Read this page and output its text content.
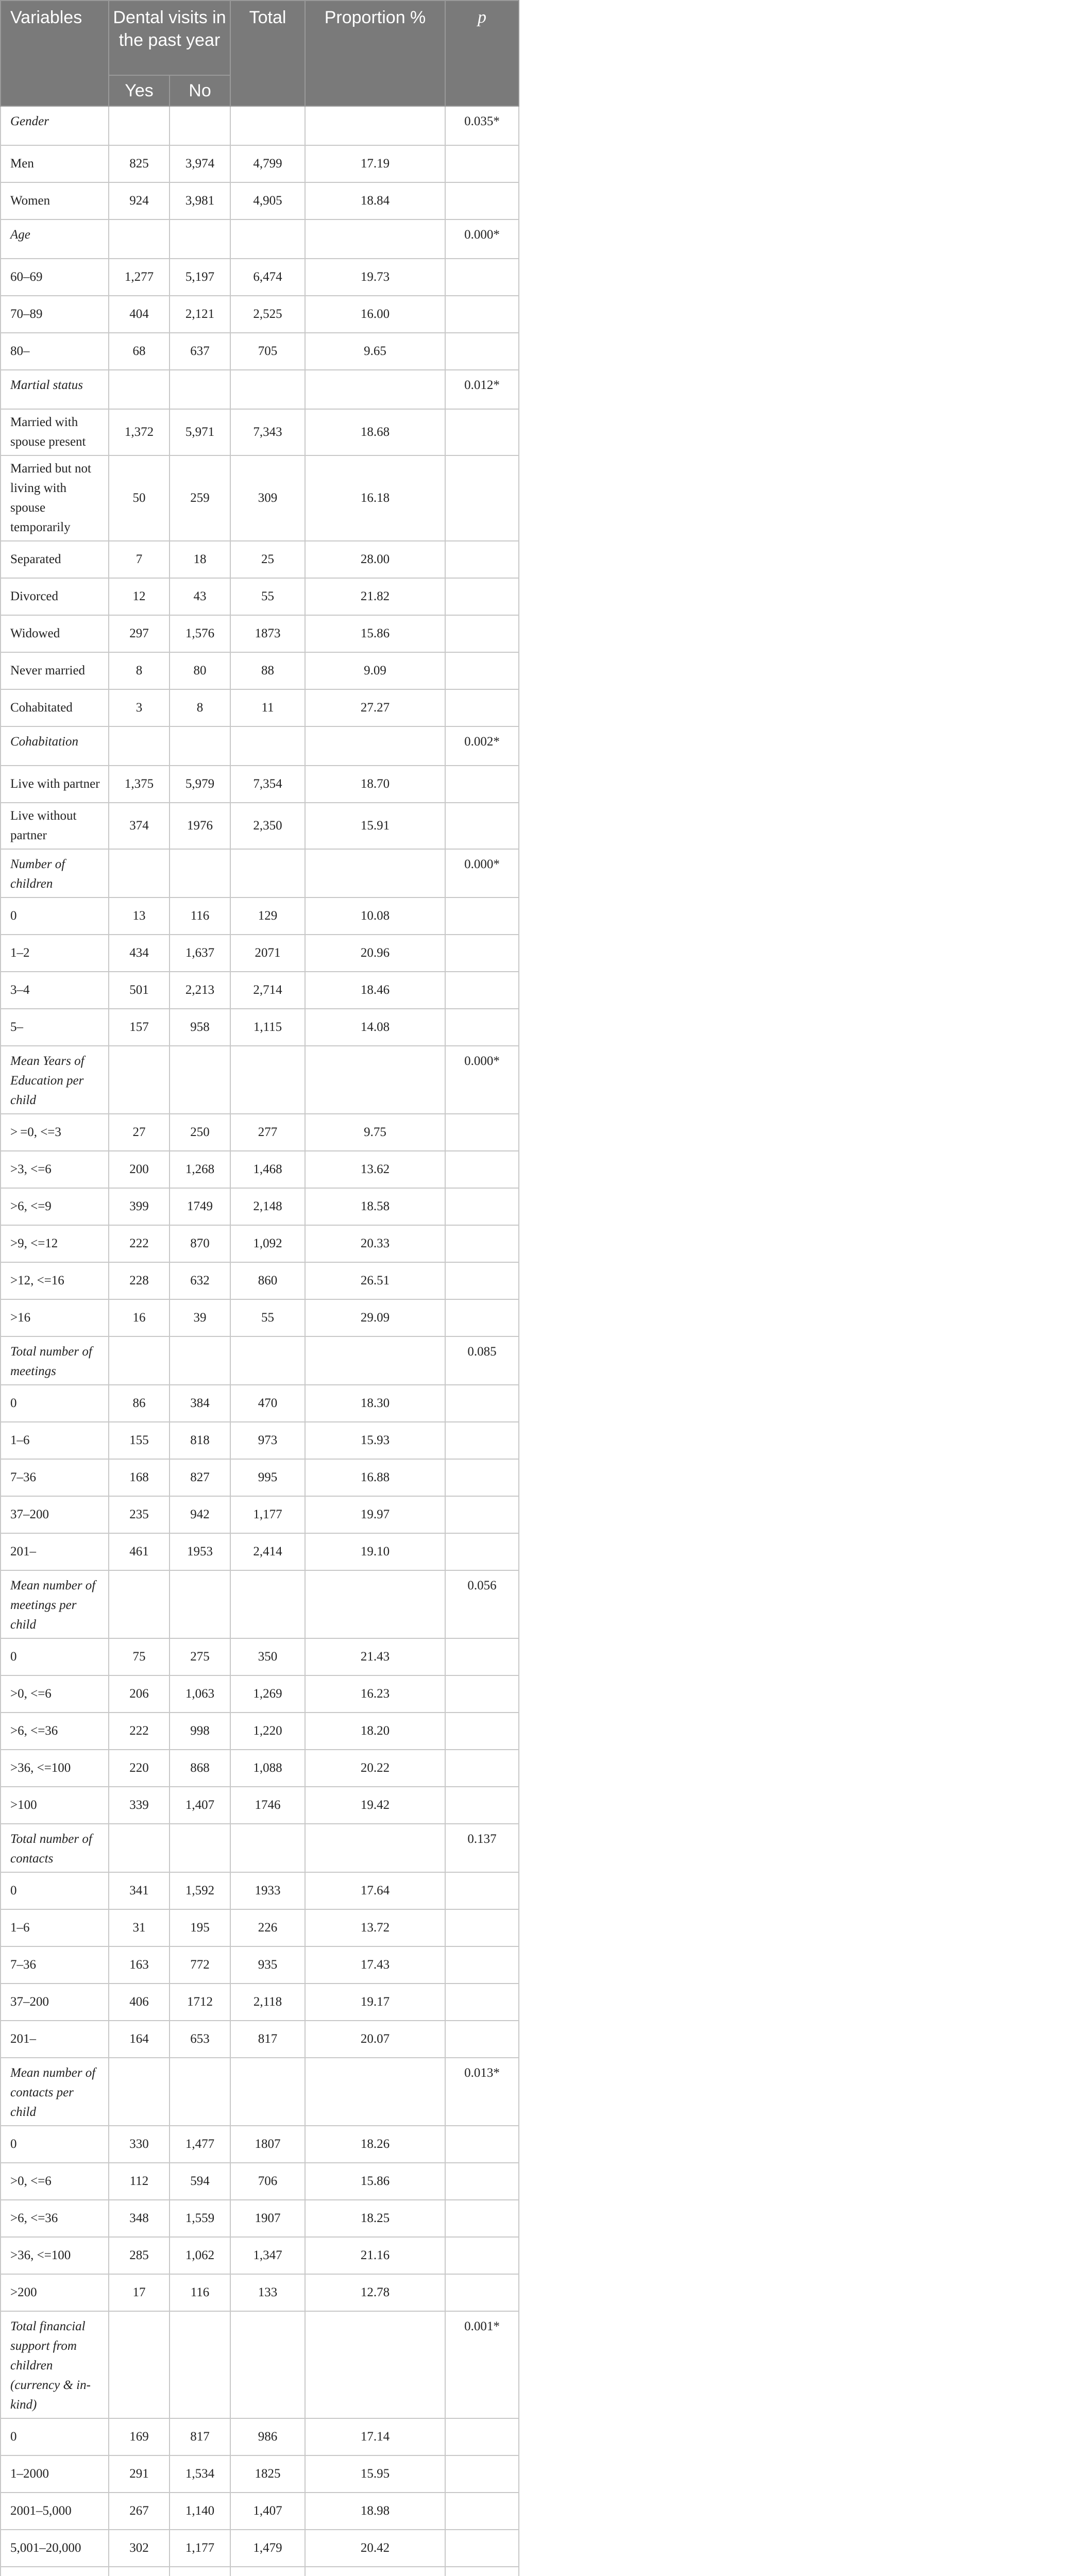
Variables	Dental visits in the past year		Total	Proportion %	p
	Yes	No			
Gender					0.035*
Men	825	3,974	4,799	17.19	
Women	924	3,981	4,905	18.84	
Age					0.000*
60–69	1,277	5,197	6,474	19.73	
70–89	404	2,121	2,525	16.00	
80–	68	637	705	9.65	
Martial status					0.012*
Married with spouse present	1,372	5,971	7,343	18.68	
Married but not living with spouse temporarily	50	259	309	16.18	
Separated	7	18	25	28.00	
Divorced	12	43	55	21.82	
Widowed	297	1,576	1873	15.86	
Never married	8	80	88	9.09	
Cohabitated	3	8	11	27.27	
Cohabitation					0.002*
Live with partner	1,375	5,979	7,354	18.70	
Live without partner	374	1976	2,350	15.91	
Number of children					0.000*
0	13	116	129	10.08	
1–2	434	1,637	2071	20.96	
3–4	501	2,213	2,714	18.46	
5–	157	958	1,115	14.08	
Mean Years of Education per child					0.000*
> =0, <=3	27	250	277	9.75	
>3, <=6	200	1,268	1,468	13.62	
>6, <=9	399	1749	2,148	18.58	
>9, <=12	222	870	1,092	20.33	
>12, <=16	228	632	860	26.51	
>16	16	39	55	29.09	
Total number of meetings					0.085
0	86	384	470	18.30	
1–6	155	818	973	15.93	
7–36	168	827	995	16.88	
37–200	235	942	1,177	19.97	
201–	461	1953	2,414	19.10	
Mean number of meetings per child					0.056
0	75	275	350	21.43	
>0, <=6	206	1,063	1,269	16.23	
>6, <=36	222	998	1,220	18.20	
>36, <=100	220	868	1,088	20.22	
>100	339	1,407	1746	19.42	
Total number of contacts					0.137
0	341	1,592	1933	17.64	
1–6	31	195	226	13.72	
7–36	163	772	935	17.43	
37–200	406	1712	2,118	19.17	
201–	164	653	817	20.07	
Mean number of contacts per child					0.013*
0	330	1,477	1807	18.26	
>0, <=6	112	594	706	15.86	
>6, <=36	348	1,559	1907	18.25	
>36, <=100	285	1,062	1,347	21.16	
>200	17	116	133	12.78	
Total financial support from children (currency & in-kind)					0.001*
0	169	817	986	17.14	
1–2000	291	1,534	1825	15.95	
2001–5,000	267	1,140	1,407	18.98	
5,001–20,000	302	1,177	1,479	20.42	
